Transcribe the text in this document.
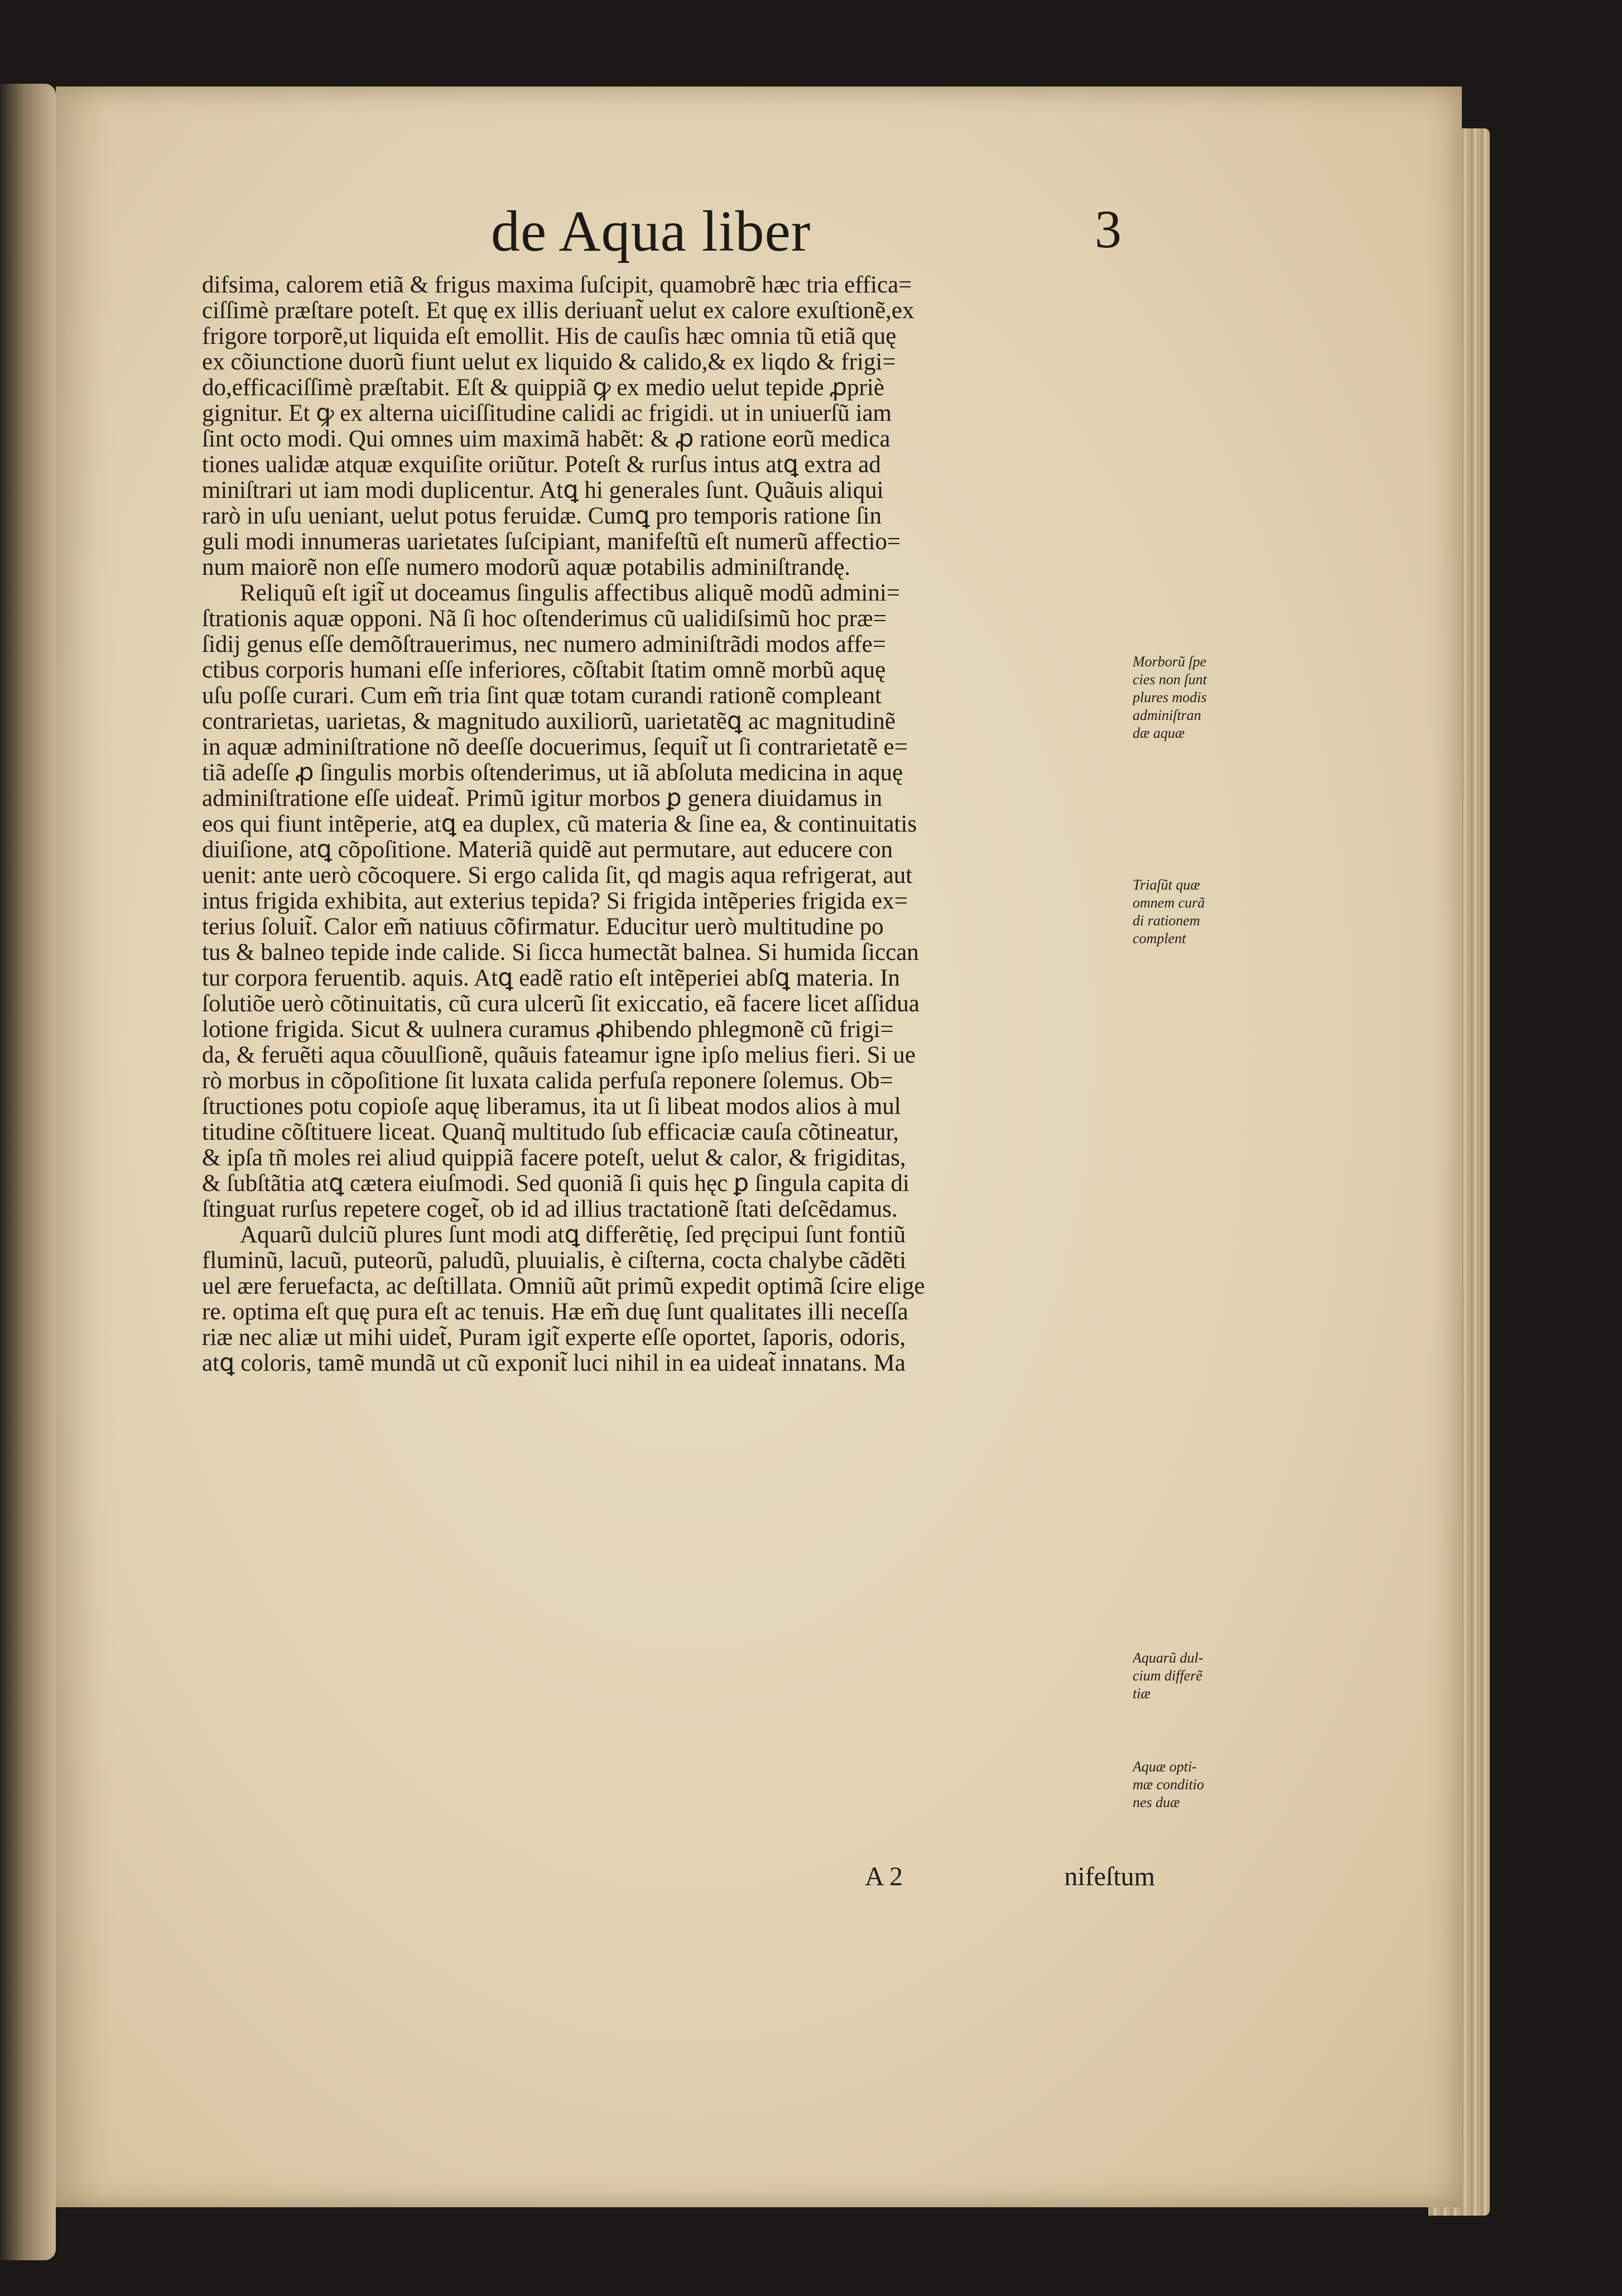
de Aqua liber	3
difsima, calorem etiã & frigus maxima ſuſcipit, quamobrẽ hæc tria effica=
ciſſimè præſtare poteſt. Et quę ex illis deriuant̃ uelut ex calore exuſtionẽ,ex
frigore torporẽ,ut liquida eſt emollit. His de cauſis hæc omnia tũ etiã quę
ex cõiunctione duorũ fiunt uelut ex liquido & calido,& ex liqdo & frigi=
do,efficaciſſimè præſtabit. Eſt & quippiã ꝙ ex medio uelut tepide ꝓpriè
gignitur. Et ꝙ ex alterna uiciſſitudine calidi ac frigidi. ut in uniuerſũ iam
ſint octo modi. Qui omnes uim maximã habẽt: & ꝓ ratione eorũ medica
tiones ualidæ atquæ exquiſite oriũtur. Poteſt & rurſus intus atꝗ extra ad
miniſtrari ut iam modi duplicentur. Atꝗ hi generales ſunt. Quãuis aliqui
rarò in uſu ueniant, uelut potus feruidæ. Cumꝗ pro temporis ratione ſin
guli modi innumeras uarietates ſuſcipiant, manifeſtũ eſt numerũ affectio=
num maiorẽ non eſſe numero modorũ aquæ potabilis adminiſtrandę.
Reliquũ eſt igit̃ ut doceamus ſingulis affectibus aliquẽ modũ admini=
ſtrationis aquæ opponi. Nã ſi hoc oſtenderimus cũ ualidiſsimũ hoc præ=
ſidij genus eſſe demõſtrauerimus, nec numero adminiſtrãdi modos affe=
ctibus corporis humani eſſe inferiores, cõſtabit ſtatim omnẽ morbũ aquę
uſu poſſe curari. Cum em̃ tria ſint quæ totam curandi rationẽ compleant
contrarietas, uarietas, & magnitudo auxiliorũ, uarietatẽꝗ ac magnitudinẽ
in aquæ adminiſtratione nõ deeſſe docuerimus, ſequit̃ ut ſi contrarietatẽ e=
tiã adeſſe ꝓ ſingulis morbis oſtenderimus, ut iã abſoluta medicina in aquę
adminiſtratione eſſe uideat̃. Primũ igitur morbos ꝑ genera diuidamus in
eos qui fiunt intẽperie, atꝗ ea duplex, cũ materia & ſine ea, & continuitatis
diuiſione, atꝗ cõpoſitione. Materiã quidẽ aut permutare, aut educere con
uenit: ante uerò cõcoquere. Si ergo calida ſit, qd magis aqua refrigerat, aut
intus frigida exhibita, aut exterius tepida? Si frigida intẽperies frigida ex=
terius ſoluit̃. Calor em̃ natiuus cõfirmatur. Educitur uerò multitudine po
tus & balneo tepide inde calide. Si ſicca humectãt balnea. Si humida ſiccan
tur corpora feruentib. aquis. Atꝗ eadẽ ratio eſt intẽperiei abſꝗ materia. In
ſolutiõe uerò cõtinuitatis, cũ cura ulcerũ ſit exiccatio, eã facere licet aſſidua
lotione frigida. Sicut & uulnera curamus ꝓhibendo phlegmonẽ cũ frigi=
da, & feruẽti aqua cõuulſionẽ, quãuis fateamur igne ipſo melius fieri. Si ue
rò morbus in cõpoſitione ſit luxata calida perfuſa reponere ſolemus. Ob=
ſtructiones potu copioſe aquę liberamus, ita ut ſi libeat modos alios à mul
titudine cõſtituere liceat. Quanq̃ multitudo ſub efficaciæ cauſa cõtineatur,
& ipſa tñ moles rei aliud quippiã facere poteſt, uelut & calor, & frigiditas,
& ſubſtãtia atꝗ cætera eiuſmodi. Sed quoniã ſi quis hęc ꝑ ſingula capita di
ſtinguat rurſus repetere coget̃, ob id ad illius tractationẽ ſtati deſcẽdamus.
Aquarũ dulciũ plures ſunt modi atꝗ differẽtię, ſed pręcipui ſunt fontiũ
fluminũ, lacuũ, puteorũ, paludũ, pluuialis, è ciſterna, cocta chalybe cãdẽti
uel ære feruefacta, ac deſtillata. Omniũ aũt primũ expedit optimã ſcire elige
re. optima eſt quę pura eſt ac tenuis. Hæ em̃ duę ſunt qualitates illi neceſſa
riæ nec aliæ ut mihi uidet̃, Puram igit̃ experte eſſe oportet, ſaporis, odoris,
atꝗ coloris, tamẽ mundã ut cũ exponit̃ luci nihil in ea uideat̃ innatans. Ma
Morborũ ſpe
cies non ſunt
plures modis
adminiſtran
dæ aquæ
Triaſũt quæ
omnem curã
di rationem
complent
Aquarũ dul-
cium differẽ
tiæ
Aquæ opti-
mæ conditio
nes duæ
A 2	nifeſtum
